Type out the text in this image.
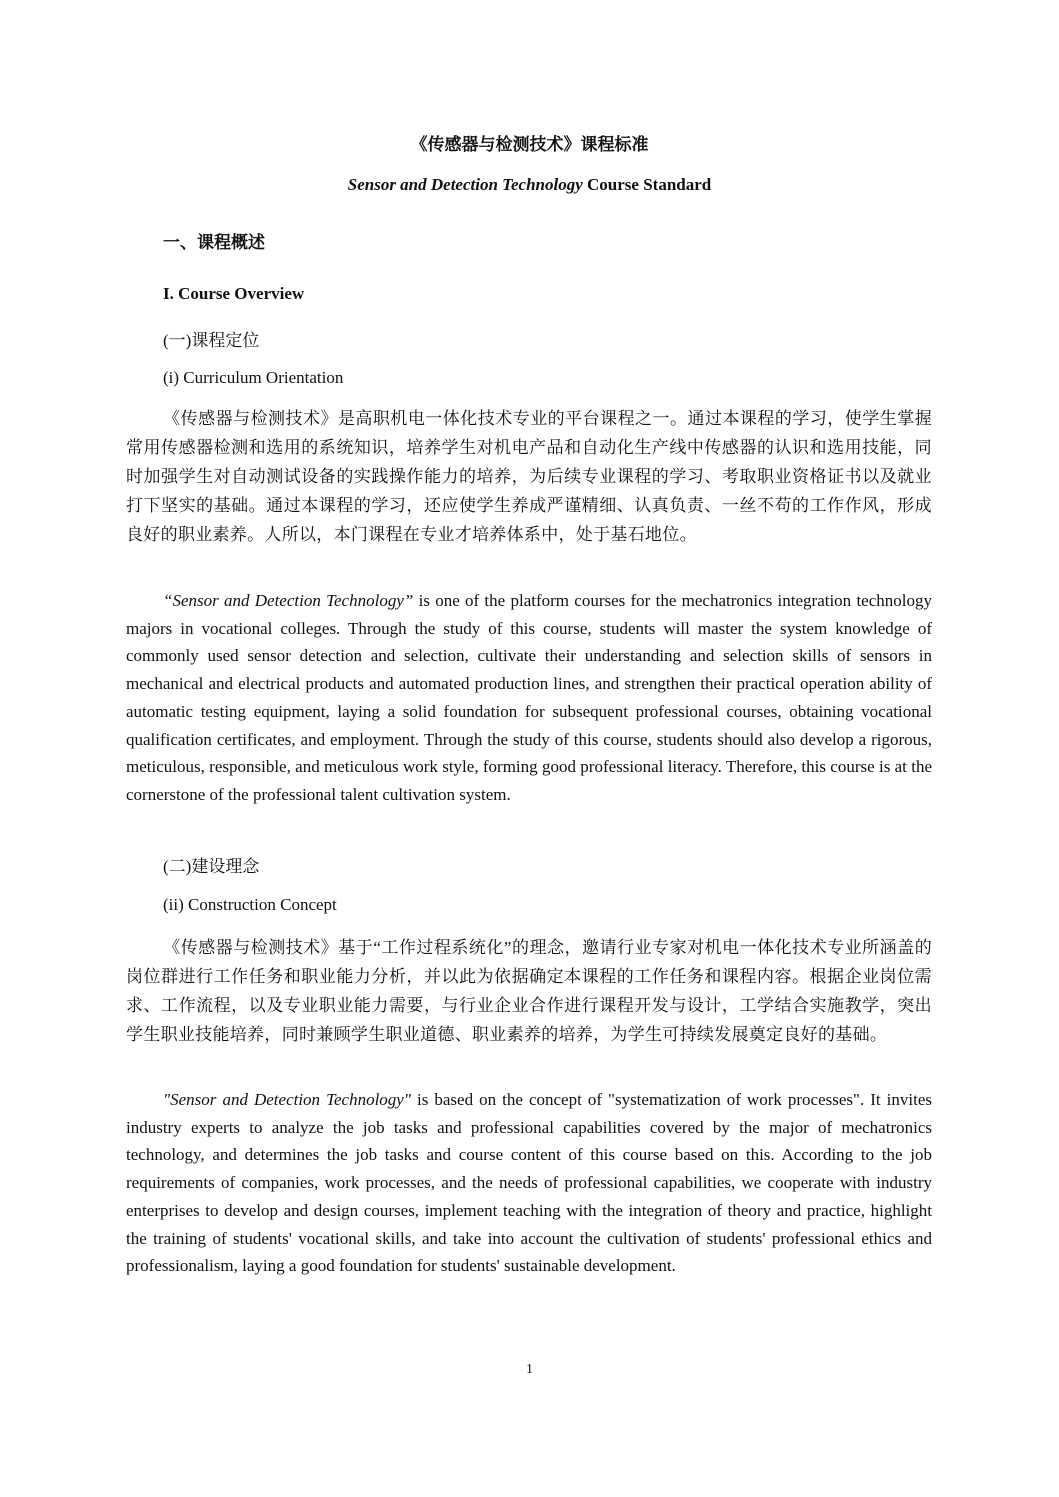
《传感器与检测技术》课程标准
Sensor and Detection Technology Course Standard
一、课程概述
I. Course Overview
(一)课程定位
(i) Curriculum Orientation
《传感器与检测技术》是高职机电一体化技术专业的平台课程之一。通过本课程的学习，使学生掌握常用传感器检测和选用的系统知识，培养学生对机电产品和自动化生产线中传感器的认识和选用技能，同时加强学生对自动测试设备的实践操作能力的培养，为后续专业课程的学习、考取职业资格证书以及就业打下坚实的基础。通过本课程的学习，还应使学生养成严谨精细、认真负责、一丝不苟的工作作风，形成良好的职业素养。人所以，本门课程在专业才培养体系中，处于基石地位。
“Sensor and Detection Technology” is one of the platform courses for the mechatronics integration technology majors in vocational colleges. Through the study of this course, students will master the system knowledge of commonly used sensor detection and selection, cultivate their understanding and selection skills of sensors in mechanical and electrical products and automated production lines, and strengthen their practical operation ability of automatic testing equipment, laying a solid foundation for subsequent professional courses, obtaining vocational qualification certificates, and employment. Through the study of this course, students should also develop a rigorous, meticulous, responsible, and meticulous work style, forming good professional literacy. Therefore, this course is at the cornerstone of the professional talent cultivation system.
(二)建设理念
(ii) Construction Concept
《传感器与检测技术》基于“工作过程系统化”的理念，邀请行业专家对机电一体化技术专业所涵盖的岗位群进行工作任务和职业能力分析，并以此为依据确定本课程的工作任务和课程内容。根据企业岗位需求、工作流程，以及专业职业能力需要，与行业企业合作进行课程开发与设计，工学结合实施教学，突出学生职业技能培养，同时兼顾学生职业道德、职业素养的培养，为学生可持续发展奠定良好的基础。
"Sensor and Detection Technology" is based on the concept of "systematization of work processes". It invites industry experts to analyze the job tasks and professional capabilities covered by the major of mechatronics technology, and determines the job tasks and course content of this course based on this. According to the job requirements of companies, work processes, and the needs of professional capabilities, we cooperate with industry enterprises to develop and design courses, implement teaching with the integration of theory and practice, highlight the training of students' vocational skills, and take into account the cultivation of students' professional ethics and professionalism, laying a good foundation for students' sustainable development.
1
